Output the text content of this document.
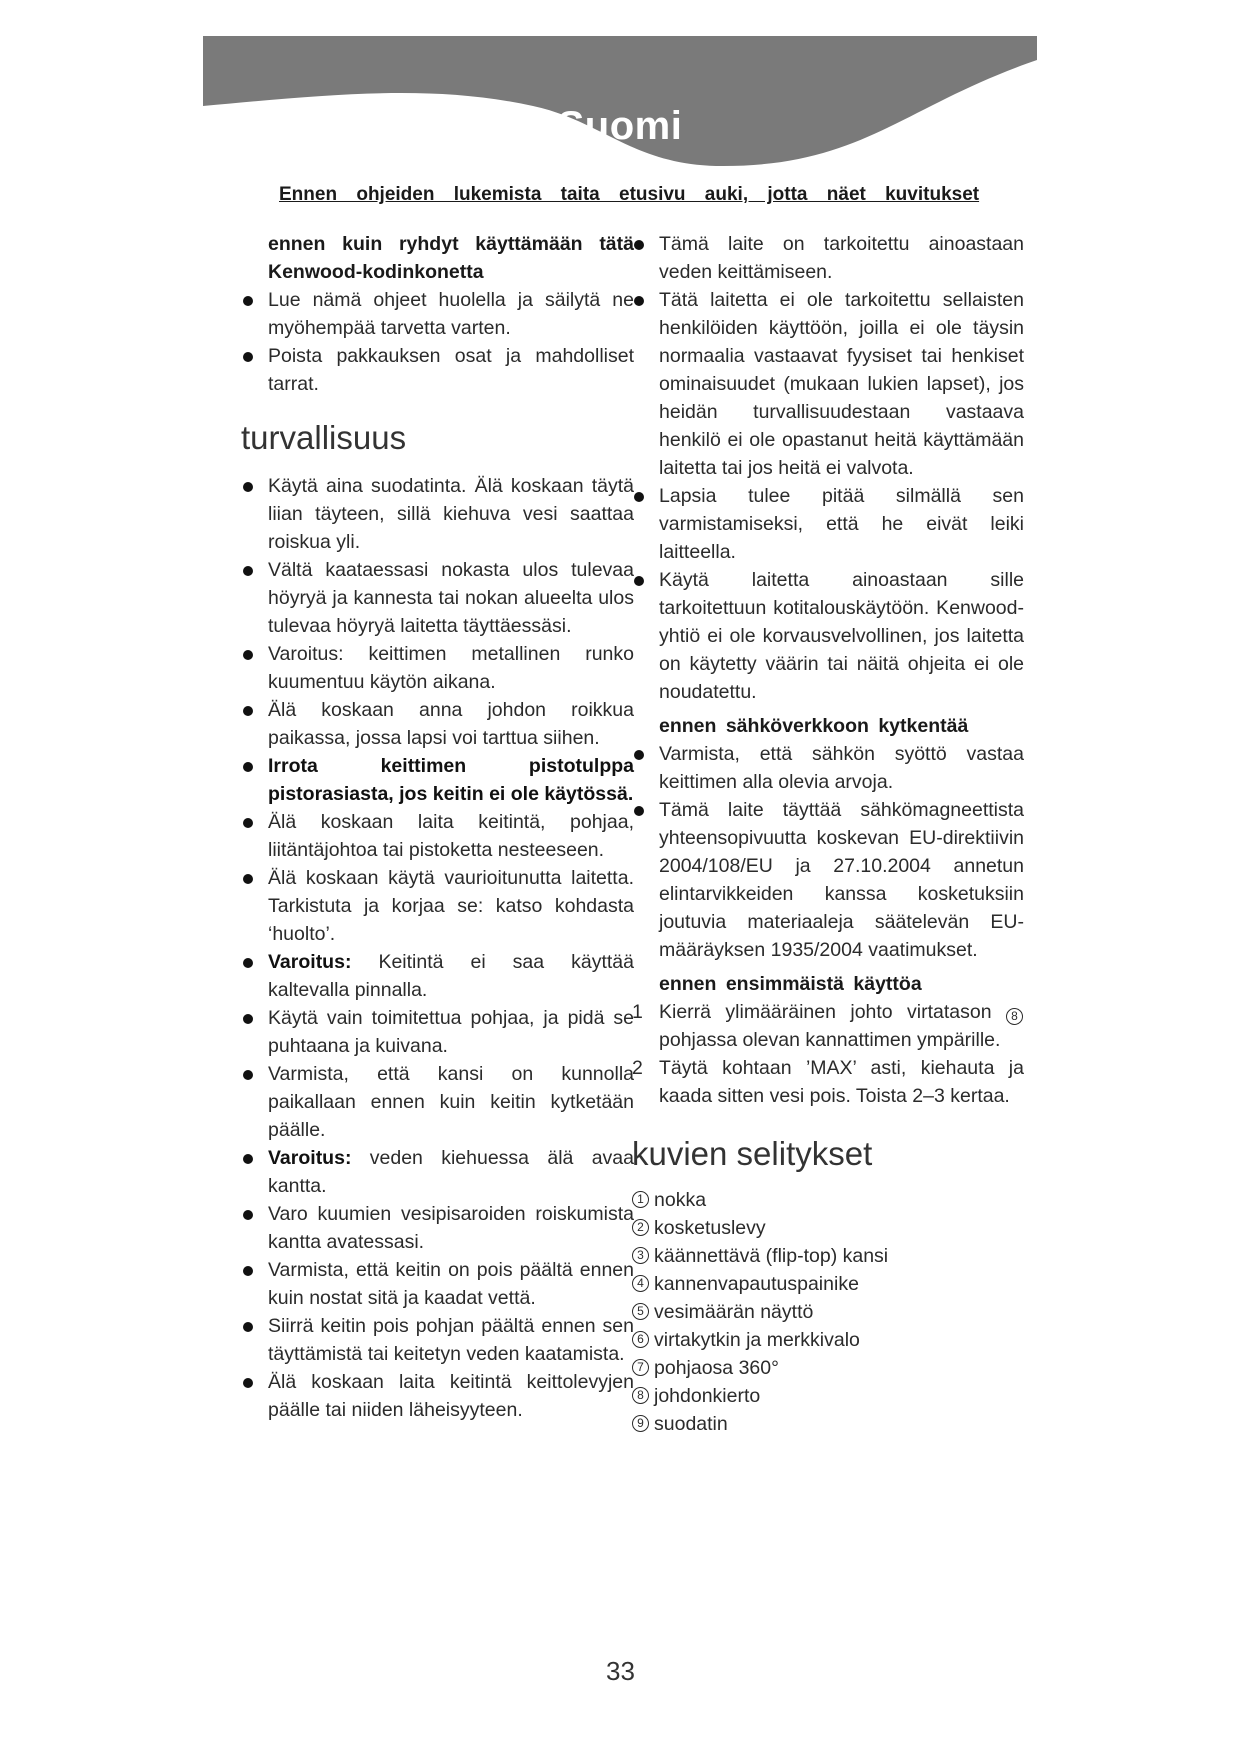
Suomi
Ennen ohjeiden lukemista taita etusivu auki, jotta näet kuvitukset
ennen kuin ryhdyt käyttämään tätä Kenwood-kodinkonetta
Lue nämä ohjeet huolella ja säilytä ne myöhempää tarvetta varten.
Poista pakkauksen osat ja mahdolliset tarrat.
turvallisuus
Käytä aina suodatinta. Älä koskaan täytä liian täyteen, sillä kiehuva vesi saattaa roiskua yli.
Vältä kaataessasi nokasta ulos tulevaa höyryä ja kannesta tai nokan alueelta ulos tulevaa höyryä laitetta täyttäessäsi.
Varoitus: keittimen metallinen runko kuumentuu käytön aikana.
Älä koskaan anna johdon roikkua paikassa, jossa lapsi voi tarttua siihen.
Irrota keittimen pistotulppa pistorasiasta, jos keitin ei ole käytössä.
Älä koskaan laita keitintä, pohjaa, liitäntäjohtoa tai pistoketta nesteeseen.
Älä koskaan käytä vaurioitunutta laitetta. Tarkistuta ja korjaa se: katso kohdasta ‘huolto’.
Varoitus: Keitintä ei saa käyttää kaltevalla pinnalla.
Käytä vain toimitettua pohjaa, ja pidä se puhtaana ja kuivana.
Varmista, että kansi on kunnolla paikallaan ennen kuin keitin kytketään päälle.
Varoitus: veden kiehuessa älä avaa kantta.
Varo kuumien vesipisaroiden roiskumista kantta avatessasi.
Varmista, että keitin on pois päältä ennen kuin nostat sitä ja kaadat vettä.
Siirrä keitin pois pohjan päältä ennen sen täyttämistä tai keitetyn veden kaatamista.
Älä koskaan laita keitintä keittolevyjen päälle tai niiden läheisyyteen.
Tämä laite on tarkoitettu ainoastaan veden keittämiseen.
Tätä laitetta ei ole tarkoitettu sellaisten henkilöiden käyttöön, joilla ei ole täysin normaalia vastaavat fyysiset tai henkiset ominaisuudet (mukaan lukien lapset), jos heidän turvallisuudestaan vastaava henkilö ei ole opastanut heitä käyttämään laitetta tai jos heitä ei valvota.
Lapsia tulee pitää silmällä sen varmistamiseksi, että he eivät leiki laitteella.
Käytä laitetta ainoastaan sille tarkoitettuun kotitalouskäytöön. Kenwood-yhtiö ei ole korvausvelvollinen, jos laitetta on käytetty väärin tai näitä ohjeita ei ole noudatettu.
ennen sähköverkkoon kytkentää
Varmista, että sähkön syöttö vastaa keittimen alla olevia arvoja.
Tämä laite täyttää sähkömagneettista yhteensopivuutta koskevan EU-direktiivin 2004/108/EU ja 27.10.2004 annetun elintarvikkeiden kanssa kosketuksiin joutuvia materiaaleja säätelevän EU-määräyksen 1935/2004 vaatimukset.
ennen ensimmäistä käyttöa
1 Kierrä ylimääräinen johto virtatason 8pohjassa olevan kannattimen ympärille.
2 Täytä kohtaan ’MAX’ asti, kiehauta ja kaada sitten vesi pois. Toista 2–3 kertaa.
kuvien selitykset
1 nokka
2 kosketuslevy
3 käännettävä (flip-top) kansi
4 kannenvapautuspainike
5 vesimäärän näyttö
6 virtakytkin ja merkkivalo
7 pohjaosa 360°
8 johdonkierto
9 suodatin
33
